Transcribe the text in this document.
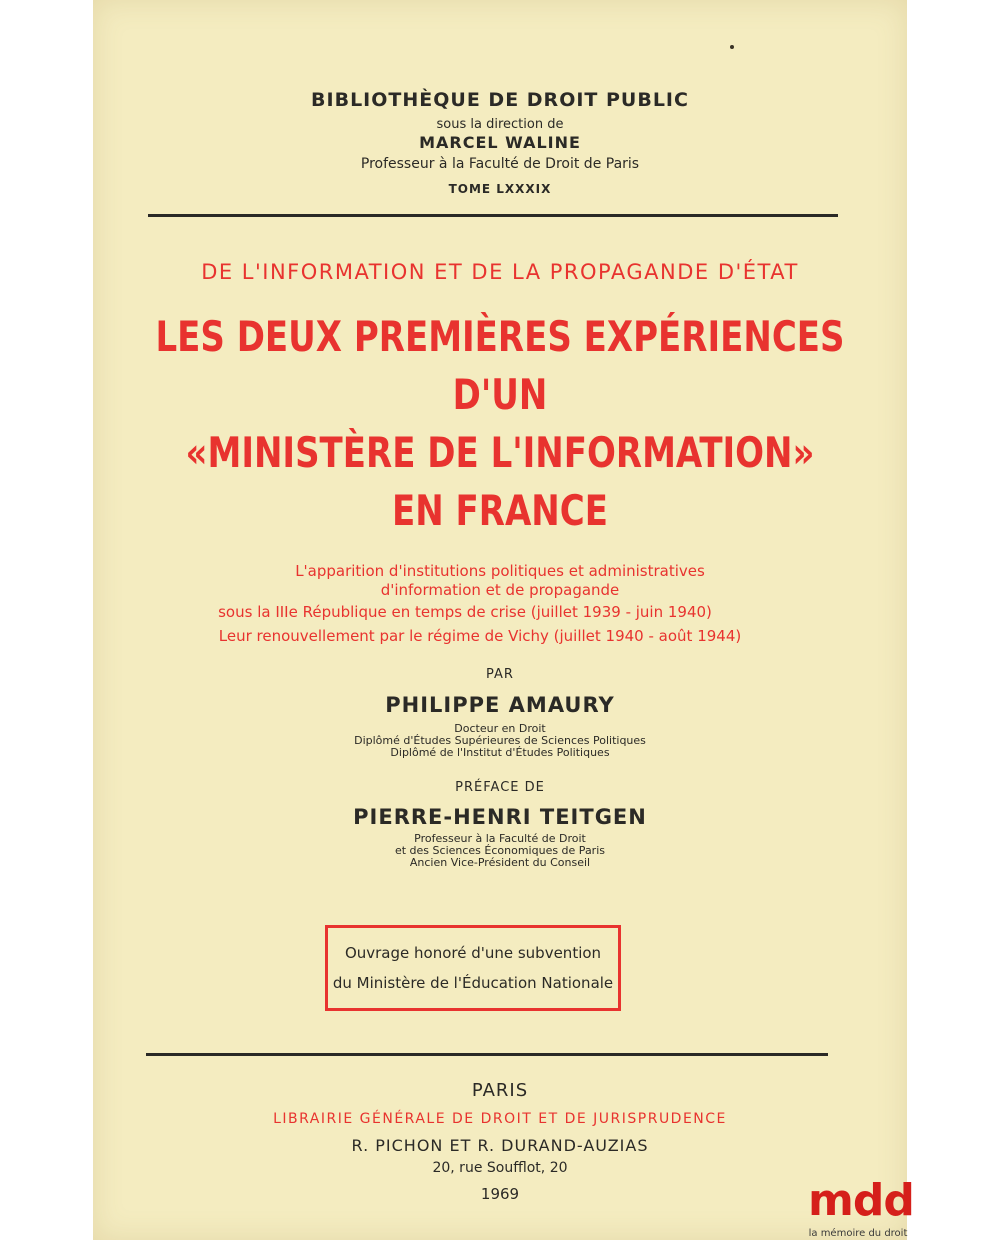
BIBLIOTHÈQUE DE DROIT PUBLIC
sous la direction de
MARCEL WALINE
Professeur à la Faculté de Droit de Paris
TOME LXXXIX
DE L'INFORMATION ET DE LA PROPAGANDE D'ÉTAT
LES DEUX PREMIÈRES EXPÉRIENCES
D'UN
«MINISTÈRE DE L'INFORMATION»
EN FRANCE
L'apparition d'institutions politiques et administratives
d'information et de propagande
sous la IIIe République en temps de crise (juillet 1939 - juin 1940)
Leur renouvellement par le régime de Vichy (juillet 1940 - août 1944)
PAR
PHILIPPE AMAURY
Docteur en Droit
Diplômé d'Études Supérieures de Sciences Politiques
Diplômé de l'Institut d'Études Politiques
PRÉFACE DE
PIERRE-HENRI TEITGEN
Professeur à la Faculté de Droit
et des Sciences Économiques de Paris
Ancien Vice-Président du Conseil
Ouvrage honoré d'une subvention
du Ministère de l'Éducation Nationale
PARIS
LIBRAIRIE GÉNÉRALE DE DROIT ET DE JURISPRUDENCE
R. PICHON ET R. DURAND-AUZIAS
20, rue Soufflot, 20
1969	mdd
la mémoire du droit
